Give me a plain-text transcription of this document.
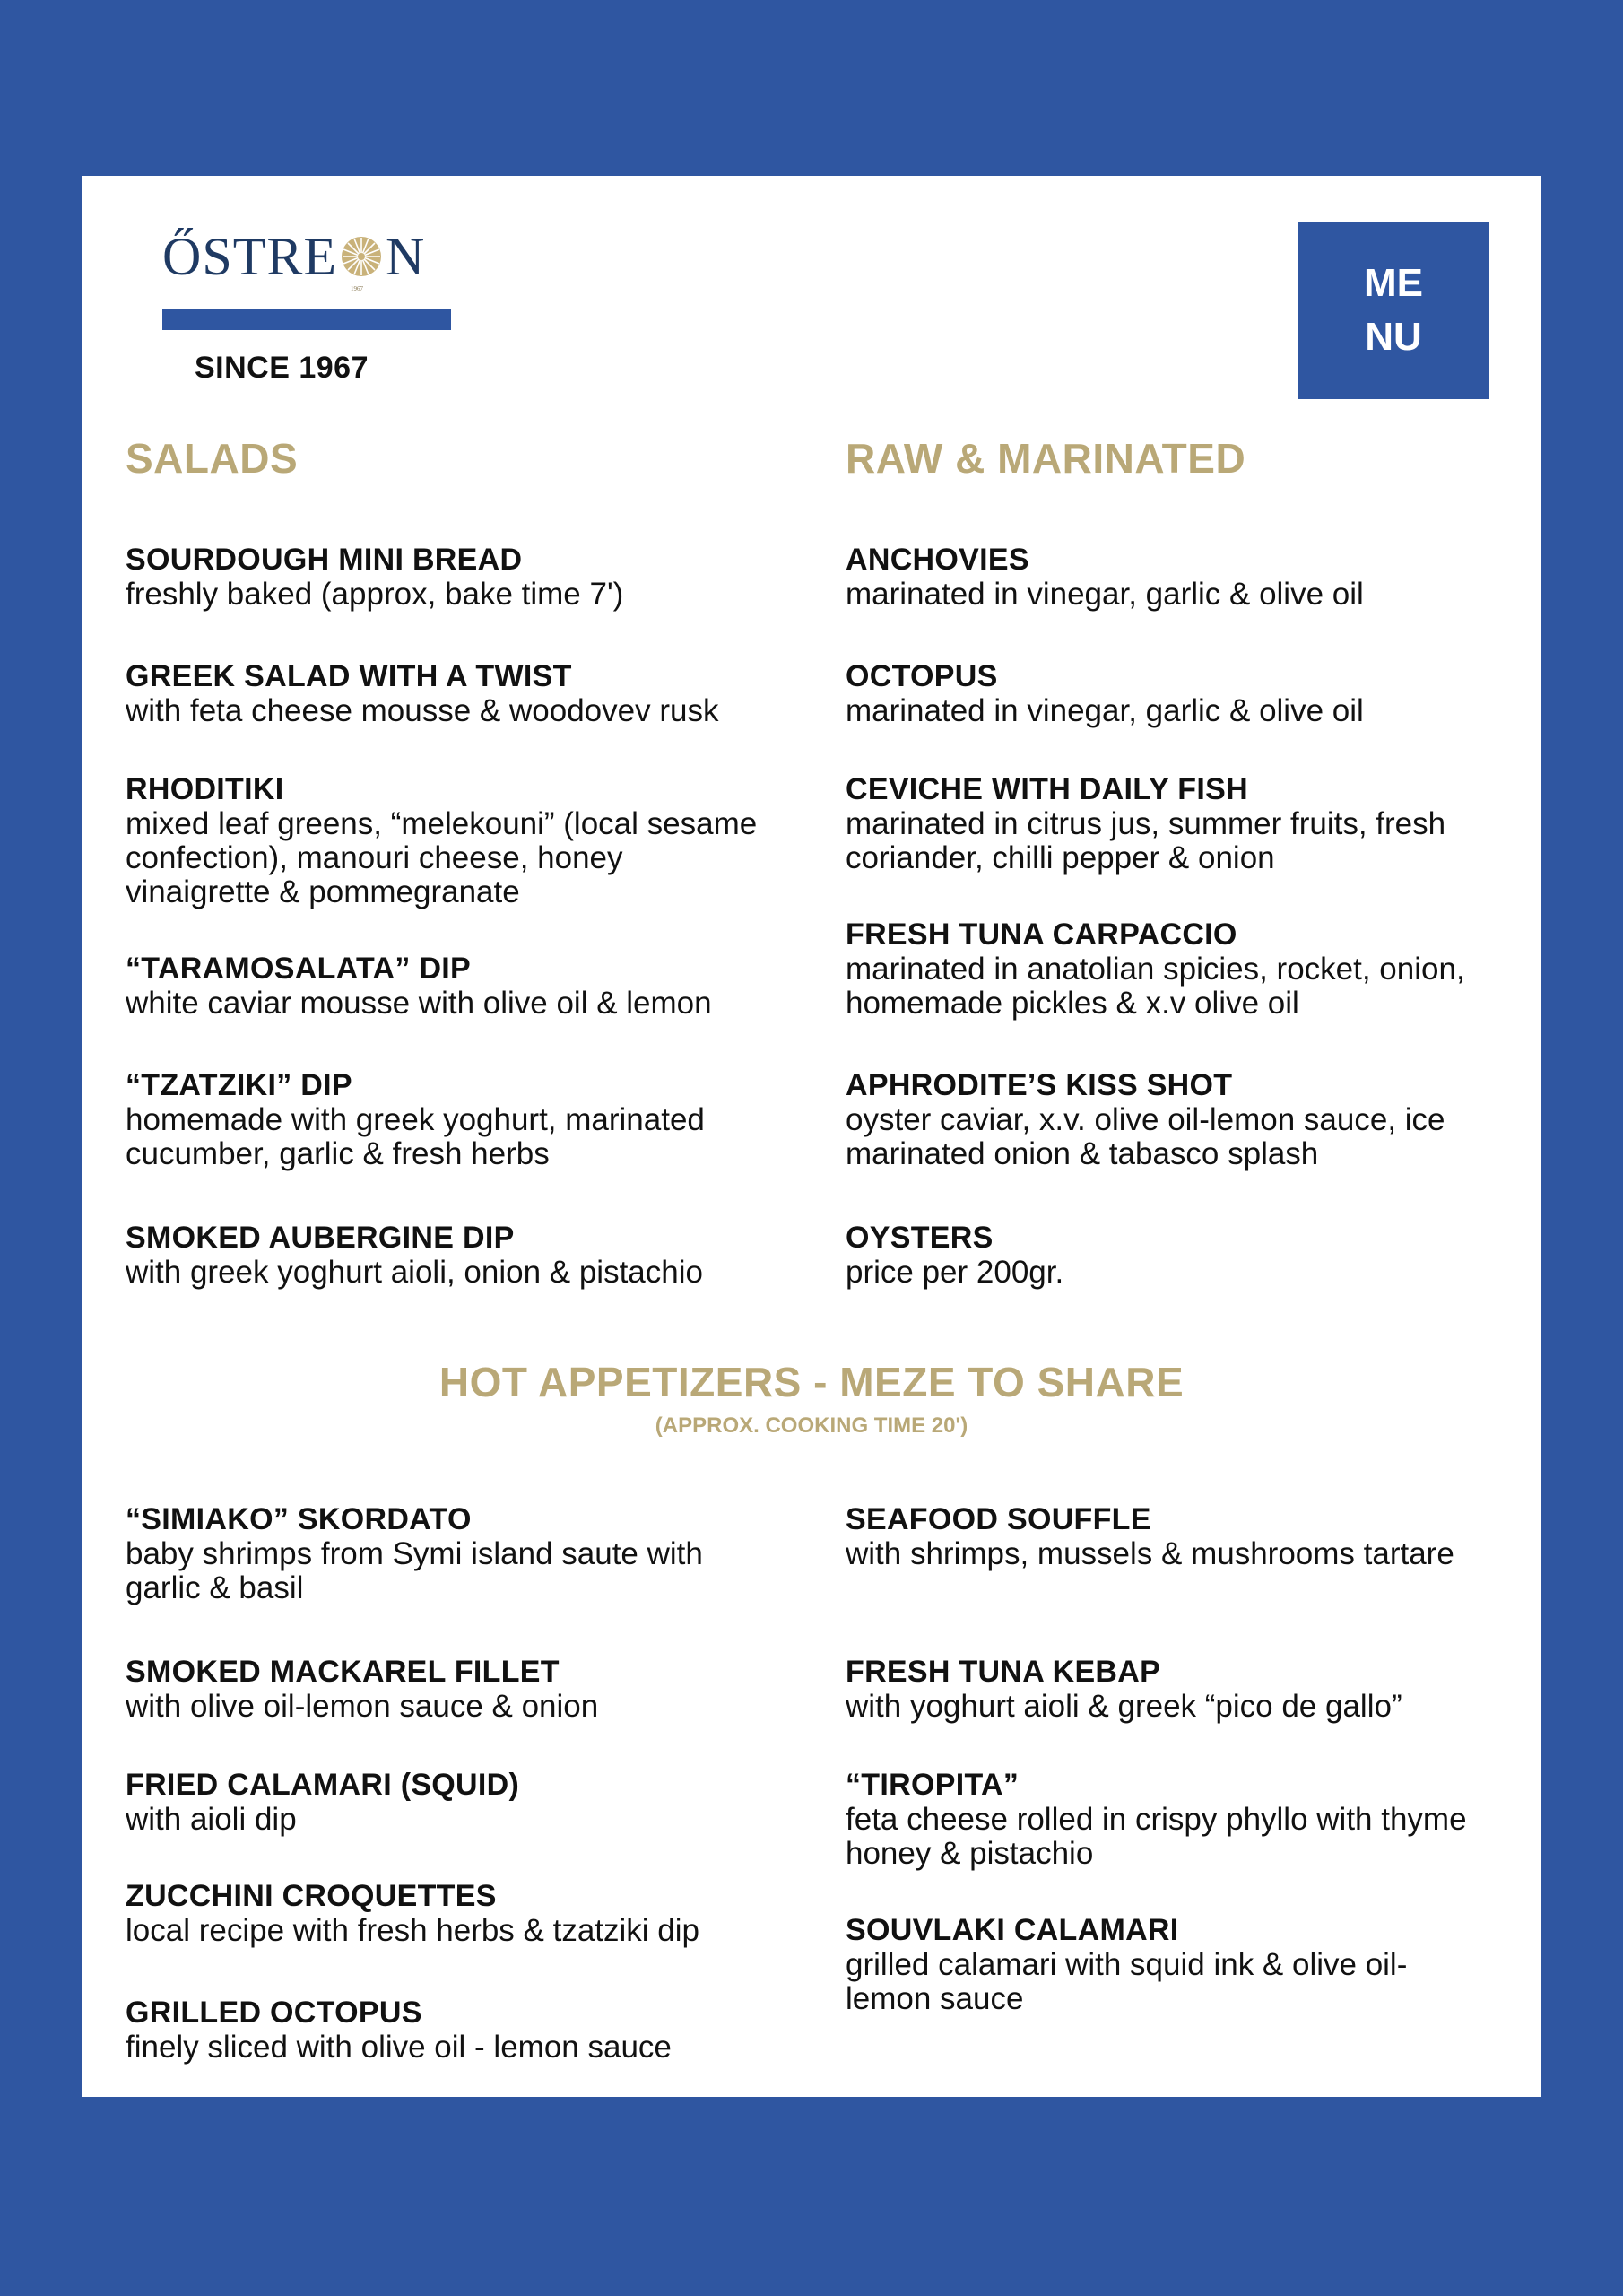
ŐSTRE N
1967
SINCE 1967
ME
NU
SALADS
SOURDOUGH MINI BREAD
freshly baked (approx, bake time 7')
GREEK SALAD WITH A TWIST
with feta cheese mousse & woodovev rusk
RHODITIKI
mixed leaf greens, “melekouni” (local sesame confection), manouri cheese, honey vinaigrette & pommegranate
“TARAMOSALATA” DIP
white caviar mousse with olive oil & lemon
“TZATZIKI” DIP
homemade with greek yoghurt, marinated cucumber, garlic & fresh herbs
SMOKED AUBERGINE DIP
with greek yoghurt aioli, onion & pistachio
RAW & MARINATED
ANCHOVIES
marinated in vinegar, garlic & olive oil
OCTOPUS
marinated in vinegar, garlic & olive oil
CEVICHE WITH DAILY FISH
marinated in citrus jus, summer fruits, fresh coriander, chilli pepper & onion
FRESH TUNA CARPACCIO
marinated in anatolian spicies, rocket, onion, homemade pickles & x.v olive oil
APHRODITE’S KISS SHOT
oyster caviar, x.v. olive oil-lemon sauce, ice marinated onion & tabasco splash
OYSTERS
price per 200gr.
HOT APPETIZERS - MEZE TO SHARE
(APPROX. COOKING TIME 20')
“SIMIAKO” SKORDATO
baby shrimps from Symi island saute with garlic & basil
SMOKED MACKAREL FILLET
with olive oil-lemon sauce & onion
FRIED CALAMARI (SQUID)
with aioli dip
ZUCCHINI CROQUETTES
local recipe with fresh herbs & tzatziki dip
GRILLED OCTOPUS
finely sliced with olive oil - lemon sauce
SEAFOOD SOUFFLE
with shrimps, mussels & mushrooms tartare
FRESH TUNA KEBAP
with yoghurt aioli & greek “pico de gallo”
“TIROPITA”
feta cheese rolled in crispy phyllo with thyme honey & pistachio
SOUVLAKI CALAMARI
grilled calamari with squid ink & olive oil-lemon sauce
